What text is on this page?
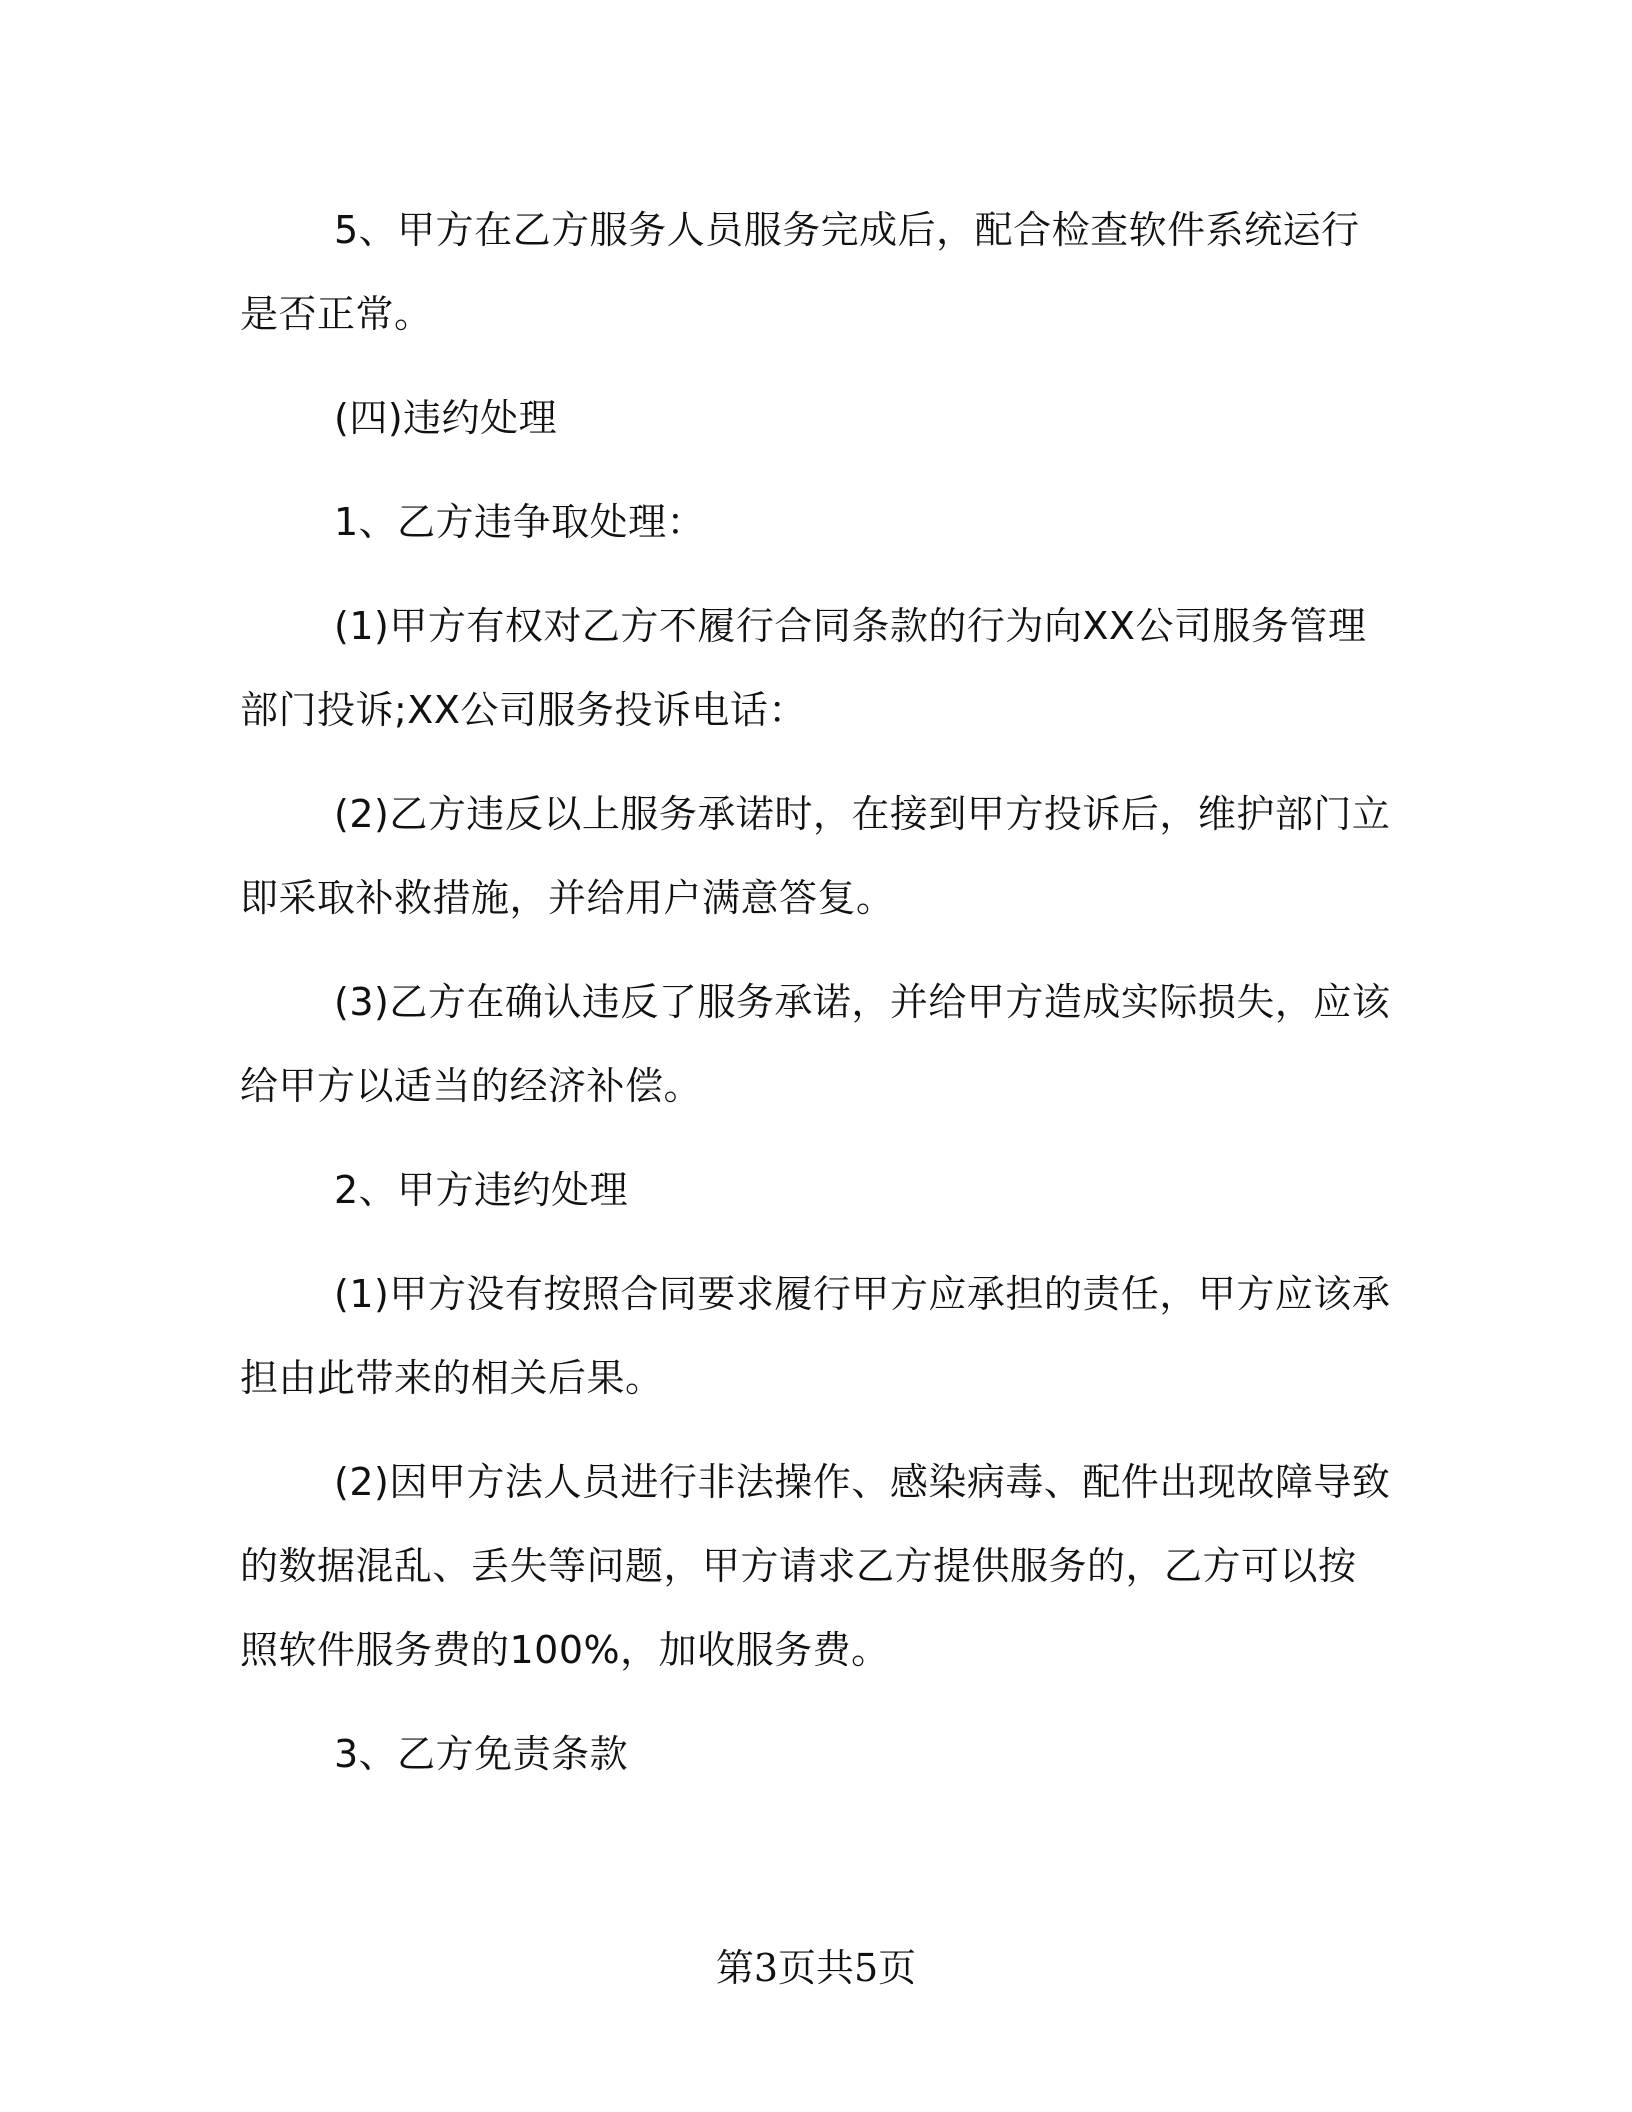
5、甲方在乙方服务人员服务完成后，配合检查软件系统运行是否正常。

(四)违约处理

1、乙方违争取处理：

(1)甲方有权对乙方不履行合同条款的行为向XX公司服务管理部门投诉;XX公司服务投诉电话：

(2)乙方违反以上服务承诺时，在接到甲方投诉后，维护部门立即采取补救措施，并给用户满意答复。

(3)乙方在确认违反了服务承诺，并给甲方造成实际损失，应该给甲方以适当的经济补偿。

2、甲方违约处理

(1)甲方没有按照合同要求履行甲方应承担的责任，甲方应该承担由此带来的相关后果。

(2)因甲方法人员进行非法操作、感染病毒、配件出现故障导致的数据混乱、丢失等问题，甲方请求乙方提供服务的，乙方可以按照软件服务费的100%，加收服务费。

3、乙方免责条款

第3页共5页
